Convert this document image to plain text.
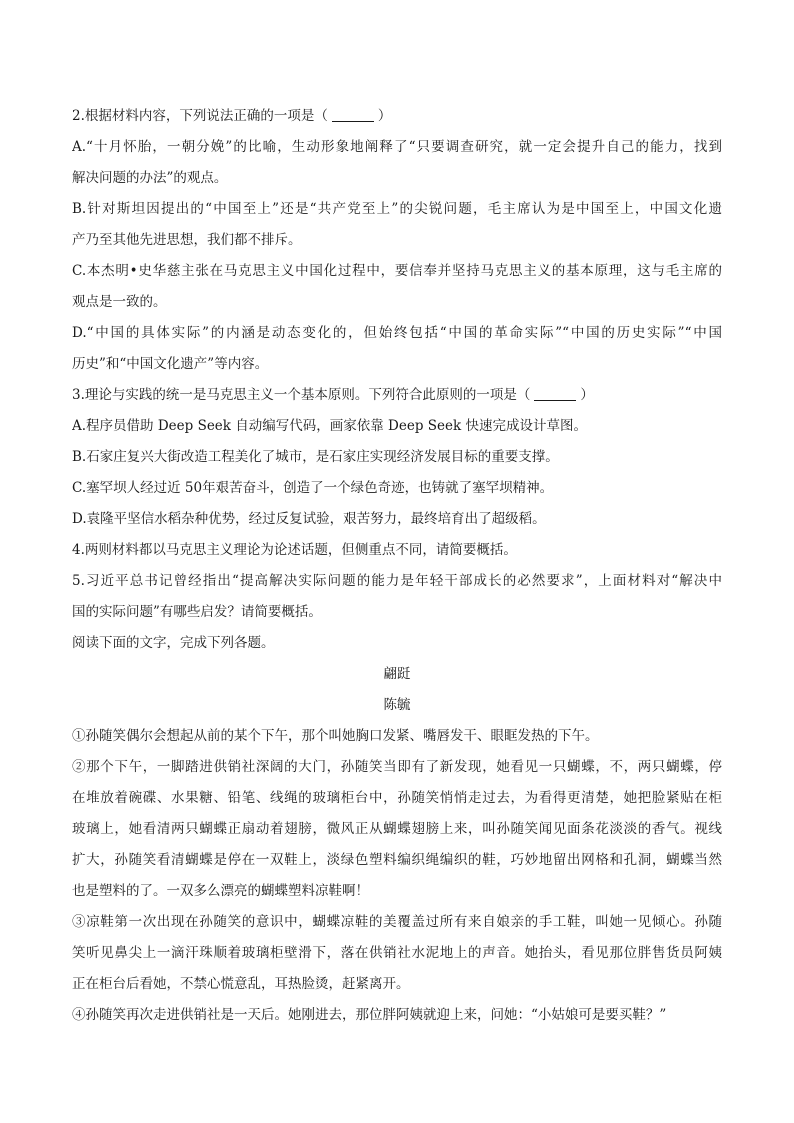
2.根据材料内容，下列说法正确的一项是（	）

A.“十月怀胎，一朝分娩”的比喻，生动形象地阐释了“只要调查研究，就一定会提升自己的能力，找到

解决问题的办法”的观点。

B.针对斯坦因提出的“中国至上”还是“共产党至上”的尖锐问题，毛主席认为是中国至上，中国文化遗

产乃至其他先进思想，我们都不排斥。

C.本杰明•史华慈主张在马克思主义中国化过程中，要信奉并坚持马克思主义的基本原理，这与毛主席的

观点是一致的。

D.“中国的具体实际”的内涵是动态变化的，但始终包括“中国的革命实际”“中国的历史实际”“中国

历史”和“中国文化遗产”等内容。

3.理论与实践的统一是马克思主义一个基本原则。下列符合此原则的一项是（	）

A.程序员借助 Deep Seek 自动编写代码，画家依靠 Deep Seek 快速完成设计草图。

B.石家庄复兴大街改造工程美化了城市，是石家庄实现经济发展目标的重要支撑。

C.塞罕坝人经过近 50年艰苦奋斗，创造了一个绿色奇迹，也铸就了塞罕坝精神。

D.袁隆平坚信水稻杂种优势，经过反复试验，艰苦努力，最终培育出了超级稻。

4.两则材料都以马克思主义理论为论述话题，但侧重点不同，请简要概括。

5.习近平总书记曾经指出“提高解决实际问题的能力是年轻干部成长的必然要求”，上面材料对“解决中

国的实际问题”有哪些启发？请简要概括。

阅读下面的文字，完成下列各题。

翩跹

陈毓

①孙随笑偶尔会想起从前的某个下午，那个叫她胸口发紧、嘴唇发干、眼眶发热的下午。

②那个下午，一脚踏进供销社深阔的大门，孙随笑当即有了新发现，她看见一只蝴蝶，不，两只蝴蝶，停

在堆放着碗碟、水果糖、铅笔、线绳的玻璃柜台中，孙随笑悄悄走过去，为看得更清楚，她把脸紧贴在柜

玻璃上，她看清两只蝴蝶正扇动着翅膀，微风正从蝴蝶翅膀上来，叫孙随笑闻见面条花淡淡的香气。视线

扩大，孙随笑看清蝴蝶是停在一双鞋上，淡绿色塑料编织绳编织的鞋，巧妙地留出网格和孔洞，蝴蝶当然

也是塑料的了。一双多么漂亮的蝴蝶塑料凉鞋啊！

③凉鞋第一次出现在孙随笑的意识中，蝴蝶凉鞋的美覆盖过所有来自娘亲的手工鞋，叫她一见倾心。孙随

笑听见鼻尖上一滴汗珠顺着玻璃柜壁滑下，落在供销社水泥地上的声音。她抬头，看见那位胖售货员阿姨

正在柜台后看她，不禁心慌意乱，耳热脸烫，赶紧离开。

④孙随笑再次走进供销社是一天后。她刚进去，那位胖阿姨就迎上来，问她：“小姑娘可是要买鞋？”
